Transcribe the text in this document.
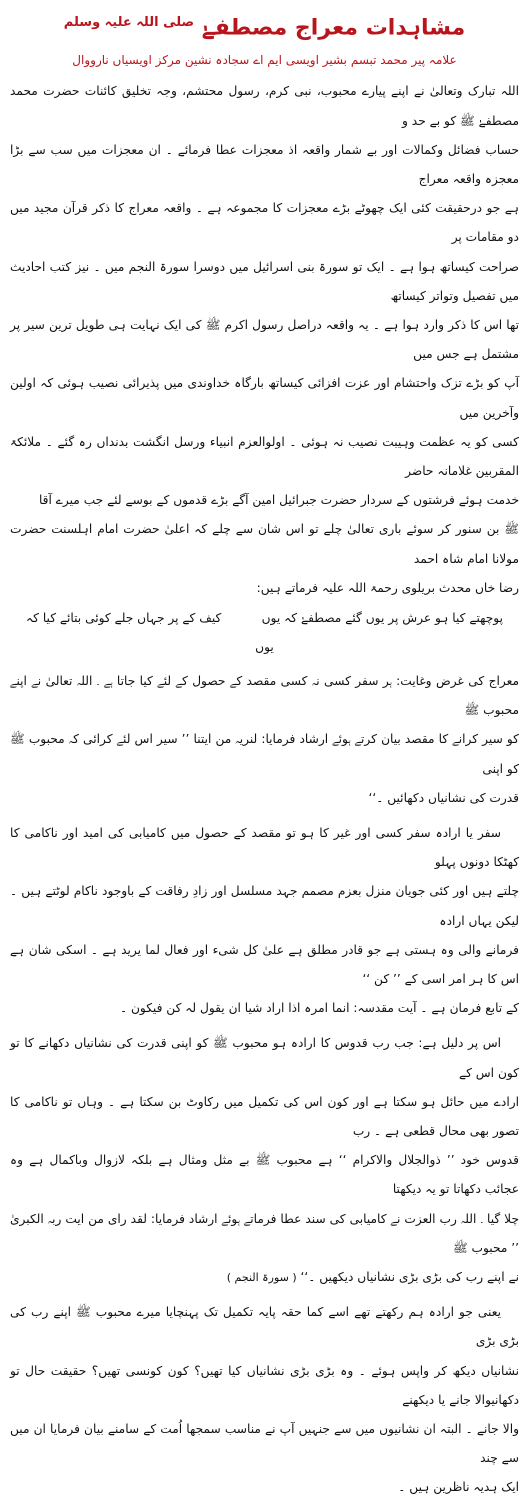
مشاہدات معراج مصطفےٰ $^{صلی اللہ علیہ وسلم}$
علامہ پیر محمد تبسم بشیر اویسی ایم اے سجادہ نشین مرکز اویسیاں نارووال

اللہ تبارک وتعالیٰ نے اپنے پیارے محبوب، نبی کرم، رسول محتشم، وجہ تخلیق کائنات حضرت محمد مصطفےٰ ﷺ کو بے حد و

حساب فضائل وکمالات اور بے شمار واقعہ اذ معجزات عطا فرمائے ۔ ان معجزات میں سب سے بڑا معجزہ واقعہ معراج

ہے جو درحقیقت کئی ایک چھوٹے بڑے معجزات کا مجموعہ ہے ۔ واقعہ معراج کا ذکر قرآن مجید میں دو مقامات پر

صراحت کیساتھ ہوا ہے ۔ ایک تو سورۃ بنی اسرائیل میں دوسرا سورۃ النجم میں ۔ نیز کتب احادیث میں تفصیل وتواتر کیساتھ

تھا اس کا ذکر وارد ہوا ہے ۔ یہ واقعہ دراصل رسول اکرم ﷺ کی ایک نہایت ہی طویل ترین سیر پر مشتمل ہے جس میں

آپ کو بڑے تزک واحتشام اور عزت افزائی کیساتھ بارگاہ خداوندی میں پذیرائی نصیب ہوئی کہ اولین وآخرین میں

کسی کو یہ عظمت وہیبت نصیب نہ ہوئی ۔ اولوالعزم انبیاء ورسل انگشت بدنداں رہ گئے ۔ ملائکۃ المقربین غلامانہ حاضر

خدمت ہوئے فرشتوں کے سردار حضرت جبرائیل امین آگے بڑے قدموں کے بوسے لئے جب میرے آقا

ﷺ بن سنور کر سوئے باری تعالیٰ چلے تو اس شان سے چلے کہ اعلیٰ حضرت امام اہلسنت حضرت مولانا امام شاہ احمد

رضا خاں محدث بریلوی رحمۃ اللہ علیہ فرماتے ہیں:

پوچھتے کیا ہو عرش پر یوں گئے مصطفےٰ کہ یوں
کیف کے پر جہاں جلے کوئی بتائے کیا کہ

یوں

معراج کی غرض وغایت: ہر سفر کسی نہ کسی مقصد کے حصول کے لئے کیا جاتا ہے ۔ اللہ تعالیٰ نے اپنے محبوب ﷺ

کو سیر کرانے کا مقصد بیان کرتے ہوئے ارشاد فرمایا: لنریہ من ایتنا ’’ سیر اس لئے کرائی کہ محبوب ﷺ کو اپنی

قدرت کی نشانیاں دکھائیں ۔‘‘

سفر یا ارادہ سفر کسی اور غیر کا ہو تو مقصد کے حصول میں کامیابی کی امید اور ناکامی کا کھٹکا دونوں پہلو

چلتے ہیں اور کئی جویان منزل بعزم مصمم جہد مسلسل اور زادِ رفاقت کے باوجود ناکام لوٹتے ہیں ۔ لیکن یہاں ارادہ

فرمانے والی وہ ہستی ہے جو قادر مطلق ہے علیٰ کل شیء اور فعال لما یرید ہے ۔ اسکی شان ہے اس کا ہر امر اسی کے ’’ کن ‘‘

کے تابع فرمان ہے ۔ آیت مقدسہ: انما امرہ اذا اراد شیا ان یقول لہ کن فیکون ۔

اس پر دلیل ہے: جب رب قدوس کا ارادہ ہو محبوب ﷺ کو اپنی قدرت کی نشانیاں دکھانے کا تو کون اس کے

ارادے میں حائل ہو سکتا ہے اور کون اس کی تکمیل میں رکاوٹ بن سکتا ہے ۔ وہاں تو ناکامی کا تصور بھی محال قطعی ہے ۔ رب

قدوس خود ’’ ذوالجلال والاکرام ‘‘ ہے محبوب ﷺ بے مثل ومثال ہے بلکہ لازوال وباکمال ہے وہ عجائب دکھاتا تو یہ دیکھتا

چلا گیا ۔ اللہ رب العزت نے کامیابی کی سند عطا فرماتے ہوئے ارشاد فرمایا: لقد رای من ایت ربہ الکبریٰ ’’ محبوب ﷺ

نے اپنے رب کی بڑی بڑی نشانیاں دیکھیں ۔‘‘ ( سورۃ النجم )

یعنی جو ارادہ ہم رکھتے تھے اسے کما حقہ پایہ تکمیل تک پہنچایا میرے محبوب ﷺ اپنے رب کی بڑی بڑی

نشانیاں دیکھ کر واپس ہوئے ۔ وہ بڑی بڑی نشانیاں کیا تھیں؟ کون کونسی تھیں؟ حقیقت حال تو دکھانیوالا جانے یا دیکھنے

والا جانے ۔ البتہ ان نشانیوں میں سے جنہیں آپ نے مناسب سمجھا اُمت کے سامنے بیان فرمایا ان میں سے چند

ایک ہدیہ ناظرین ہیں ۔
